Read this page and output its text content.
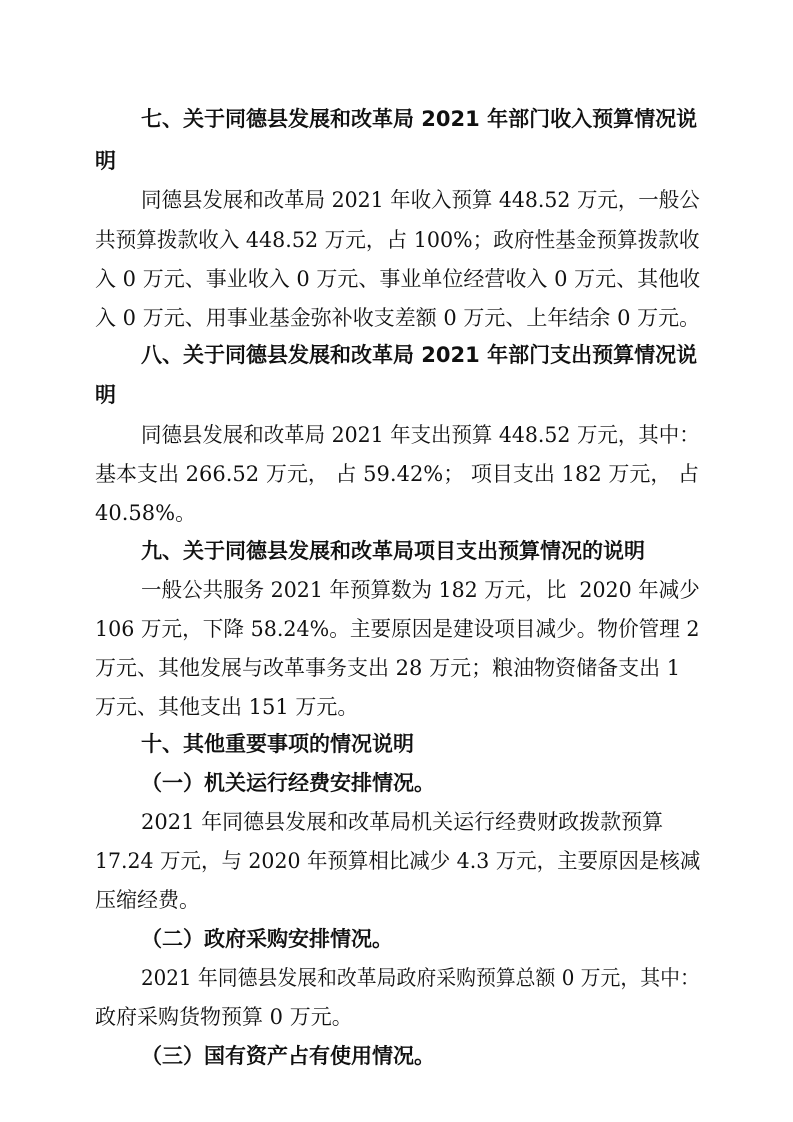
七、关于同德县发展和改革局 2021 年部门收入预算情况说
明
同德县发展和改革局 2021 年收入预算 448.52 万元，一般公
共预算拨款收入 448.52 万元，占 100%；政府性基金预算拨款收
入 0 万元、事业收入 0 万元、事业单位经营收入 0 万元、其他收
入 0 万元、用事业基金弥补收支差额 0 万元、上年结余 0 万元。
八、关于同德县发展和改革局 2021 年部门支出预算情况说
明
同德县发展和改革局 2021 年支出预算 448.52 万元，其中：
基本支出 266.52 万元， 占 59.42%； 项目支出 182 万元， 占
40.58%。
九、关于同德县发展和改革局项目支出预算情况的说明
一般公共服务 2021 年预算数为 182 万元，比  2020 年减少
106 万元，下降 58.24%。主要原因是建设项目减少。物价管理 2
万元、其他发展与改革事务支出 28 万元；粮油物资储备支出 1
万元、其他支出 151 万元。
十、其他重要事项的情况说明
（一）机关运行经费安排情况。
2021 年同德县发展和改革局机关运行经费财政拨款预算
17.24 万元，与 2020 年预算相比减少 4.3 万元，主要原因是核减
压缩经费。
（二）政府采购安排情况。
2021 年同德县发展和改革局政府采购预算总额 0 万元，其中：
政府采购货物预算 0 万元。
（三）国有资产占有使用情况。
